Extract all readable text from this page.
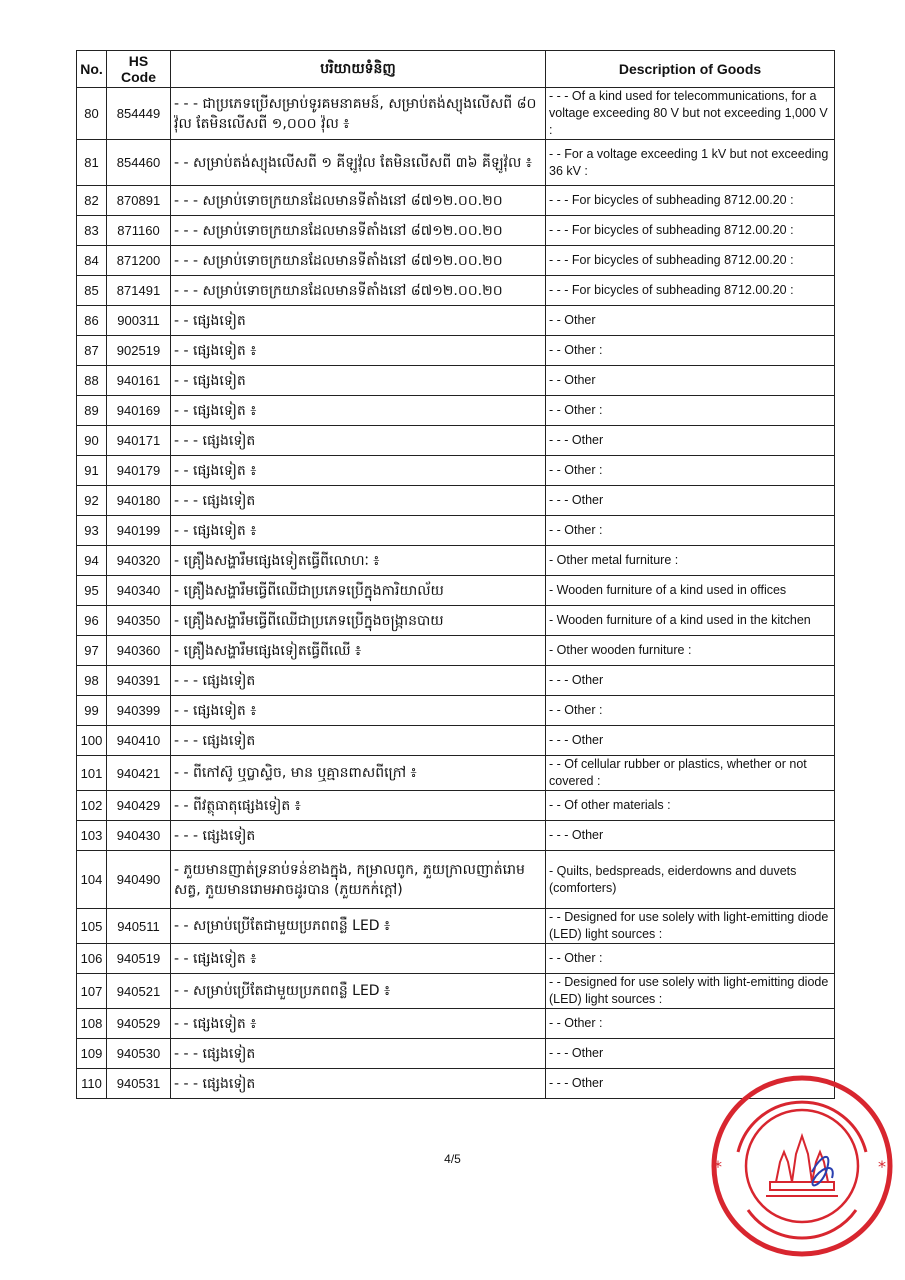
No.	HS Code	បរិយាយទំនិញ	Description of Goods
80	854449	- - - ជាប្រភេទប្រើសម្រាប់ទូរគមនាគមន៍, សម្រាប់តង់ស្យុងលើសពី ៨០ វ៉ុល តែមិនលើសពី ១,០០០ វ៉ុល ៖	- - - Of a kind used for telecommunications, for a voltage exceeding 80 V but not exceeding 1,000 V :
81	854460	- - សម្រាប់តង់ស្យុងលើសពី ១ គីឡូវ៉ុល តែមិនលើសពី ៣៦ គីឡូវ៉ុល ៖	- - For a voltage exceeding 1 kV but not exceeding 36 kV :
82	870891	- - - សម្រាប់ទោចក្រយានដែលមានទីតាំងនៅ ៨៧១២.០០.២០	- - - For bicycles of subheading 8712.00.20 :
83	871160	- - - សម្រាប់ទោចក្រយានដែលមានទីតាំងនៅ ៨៧១២.០០.២០	- - - For bicycles of subheading 8712.00.20 :
84	871200	- - - សម្រាប់ទោចក្រយានដែលមានទីតាំងនៅ ៨៧១២.០០.២០	- - - For bicycles of subheading 8712.00.20 :
85	871491	- - - សម្រាប់ទោចក្រយានដែលមានទីតាំងនៅ ៨៧១២.០០.២០	- - - For bicycles of subheading 8712.00.20 :
86	900311	- - ផ្សេងទៀត	- - Other
87	902519	- - ផ្សេងទៀត ៖	- - Other :
88	940161	- - ផ្សេងទៀត	- - Other
89	940169	- - ផ្សេងទៀត ៖	- - Other :
90	940171	- - - ផ្សេងទៀត	- - - Other
91	940179	- - ផ្សេងទៀត ៖	- - Other :
92	940180	- - - ផ្សេងទៀត	- - - Other
93	940199	- - ផ្សេងទៀត ៖	- - Other :
94	940320	- គ្រឿងសង្ហារឹមផ្សេងទៀតធ្វើពីលោហៈ ៖	- Other metal furniture :
95	940340	- គ្រឿងសង្ហារឹមធ្វើពីឈើជាប្រភេទប្រើក្នុងការិយាល័យ	- Wooden furniture of a kind used in offices
96	940350	- គ្រឿងសង្ហារឹមធ្វើពីឈើជាប្រភេទប្រើក្នុងចង្ក្រានបាយ	- Wooden furniture of a kind used in the kitchen
97	940360	- គ្រឿងសង្ហារឹមផ្សេងទៀតធ្វើពីឈើ ៖	- Other wooden furniture :
98	940391	- - - ផ្សេងទៀត	- - - Other
99	940399	- - ផ្សេងទៀត ៖	- - Other :
100	940410	- - - ផ្សេងទៀត	- - - Other
101	940421	- - ពីកៅស៊ូ ឬប្លាស្ទិច, មាន ឬគ្មានពាសពីក្រៅ ៖	- - Of cellular rubber or plastics, whether or not covered :
102	940429	- - ពីវត្ថុធាតុផ្សេងទៀត ៖	- - Of other materials :
103	940430	- - - ផ្សេងទៀត	- - - Other
104	940490	- ភួយមានញាត់ទ្រនាប់ទន់ខាងក្នុង, កម្រាលពូក, ភួយក្រាលញាត់រោមសត្វ, ភួយមានរោមអាចដូរបាន (ភួយកក់ក្ដៅ)	- Quilts, bedspreads, eiderdowns and duvets (comforters)
105	940511	- - សម្រាប់ប្រើតែជាមួយប្រភពពន្លឺ LED ៖	- - Designed for use solely with light-emitting diode (LED) light sources :
106	940519	- - ផ្សេងទៀត ៖	- - Other :
107	940521	- - សម្រាប់ប្រើតែជាមួយប្រភពពន្លឺ LED ៖	- - Designed for use solely with light-emitting diode (LED) light sources :
108	940529	- - ផ្សេងទៀត ៖	- - Other :
109	940530	- - - ផ្សេងទៀត	- - - Other
110	940531	- - - ផ្សេងទៀត	- - - Other
4/5	*	*
